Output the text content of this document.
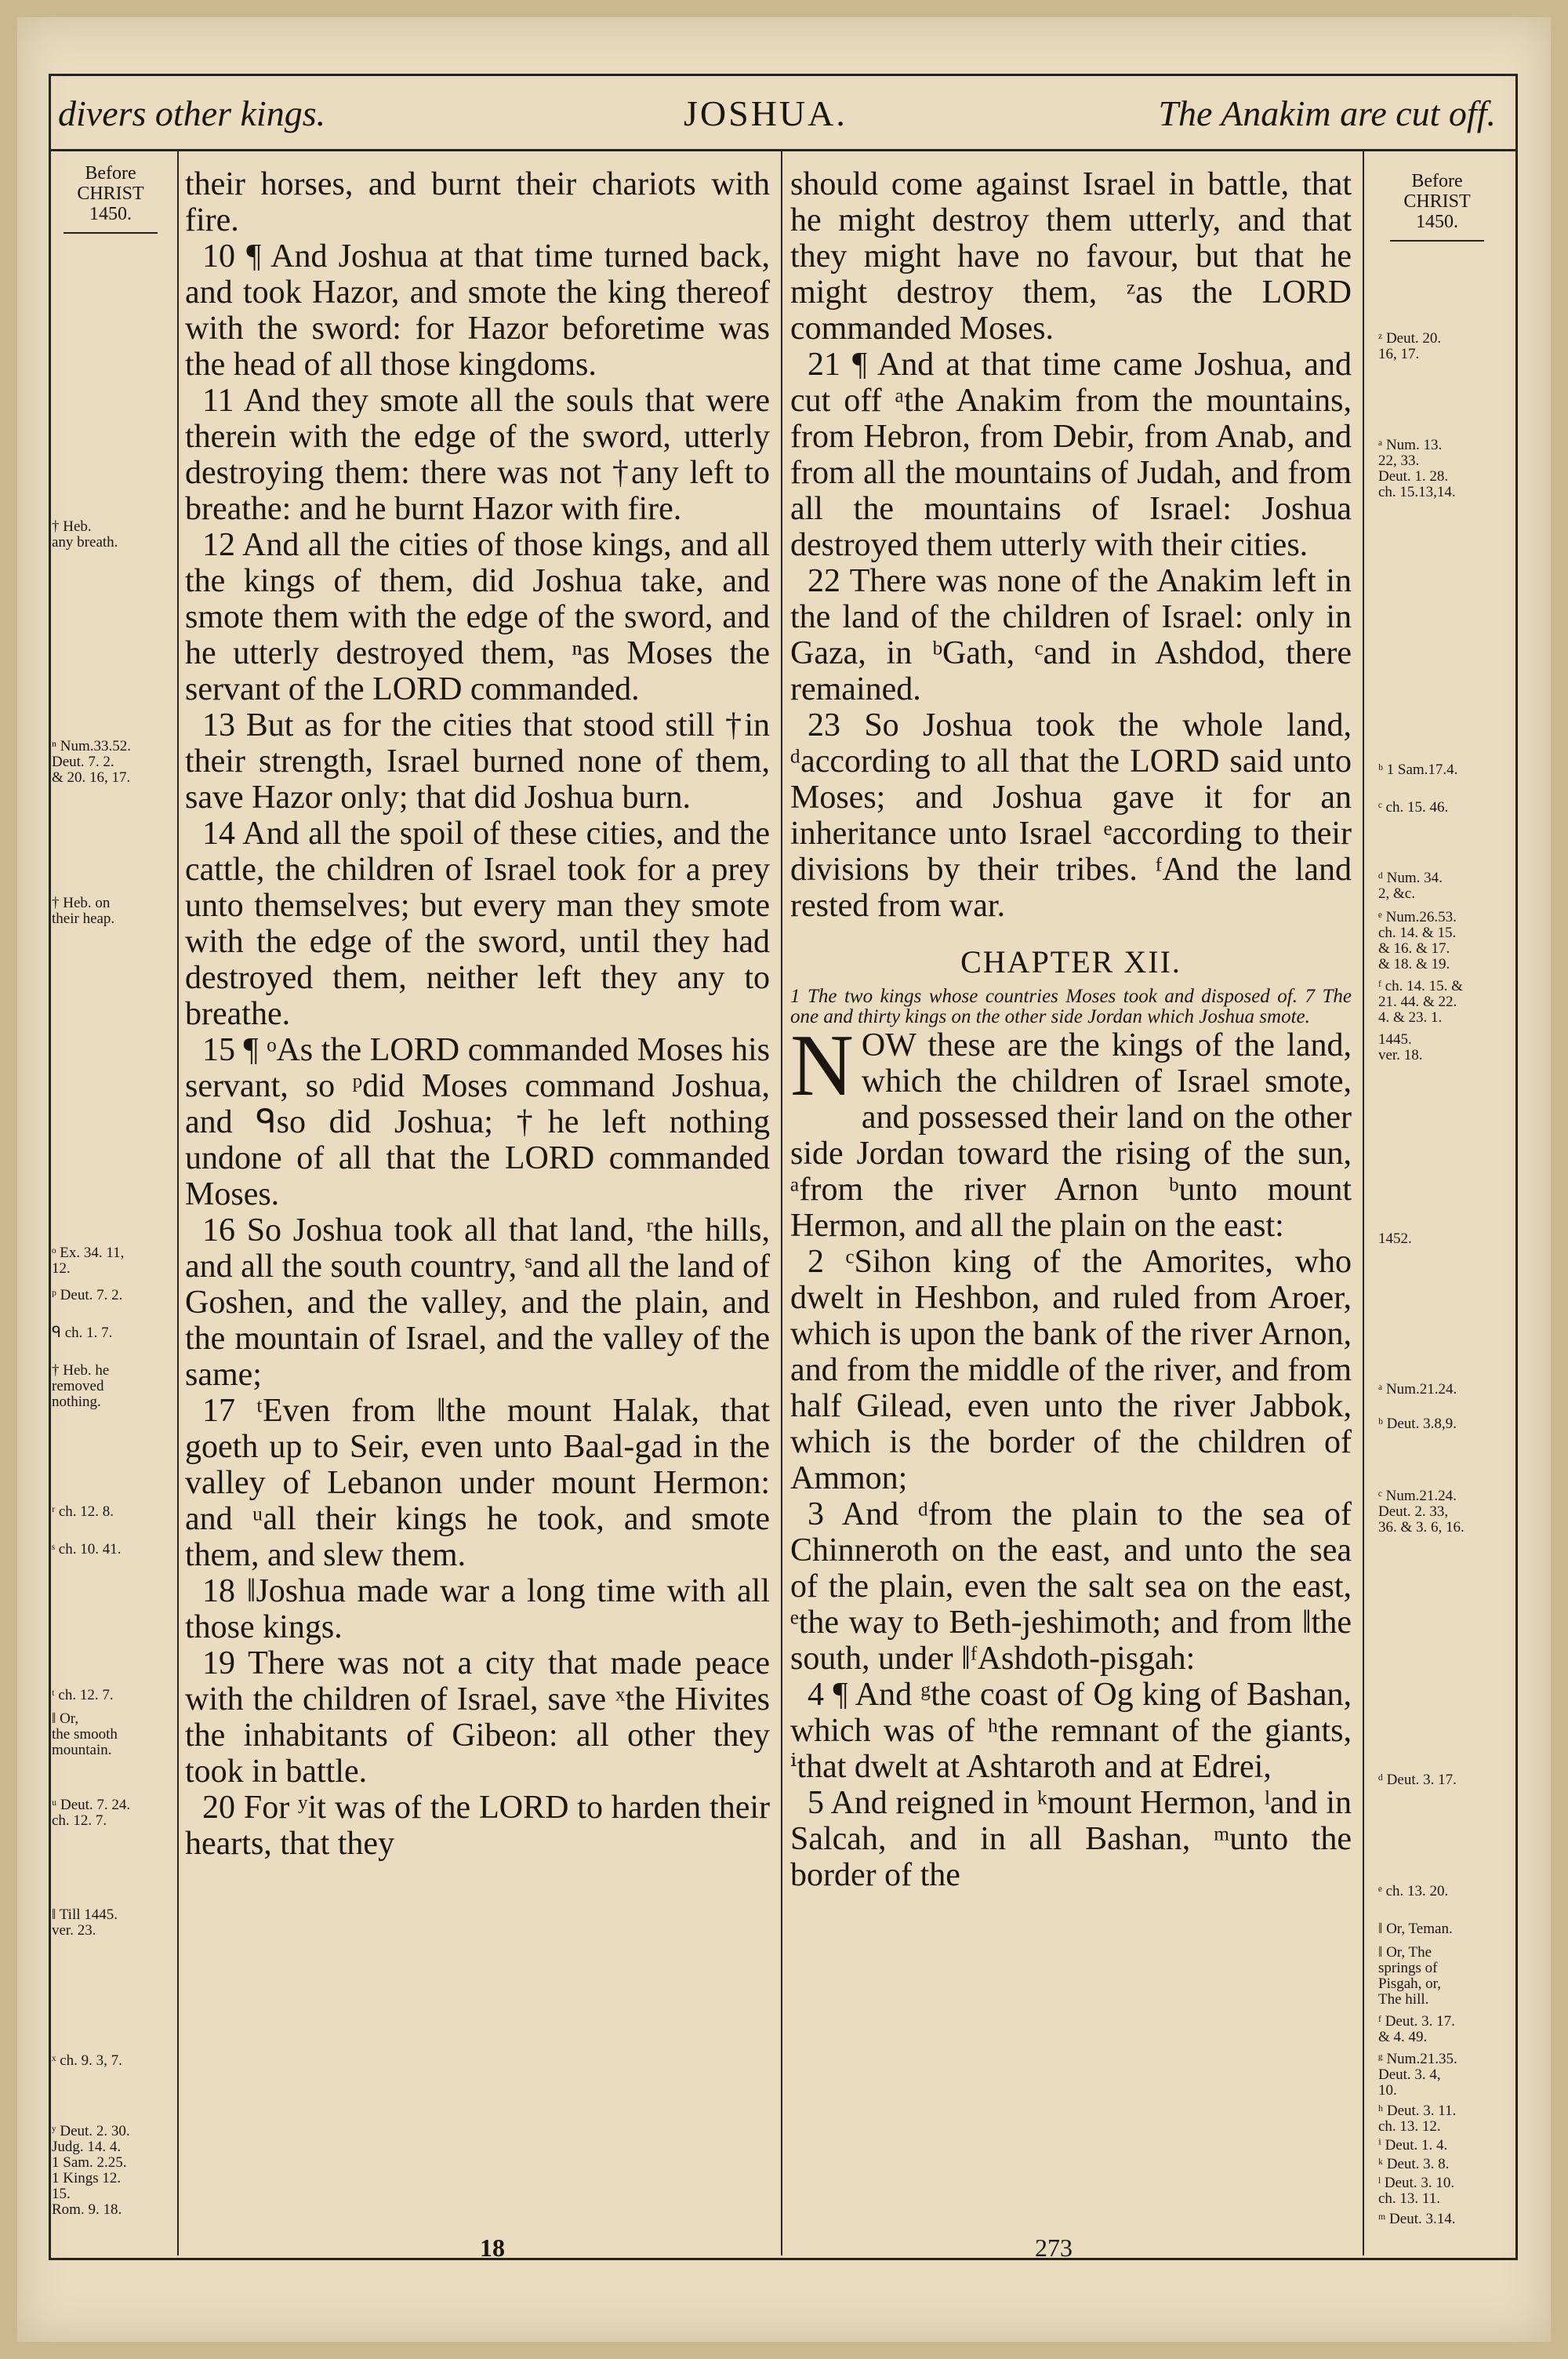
divers other kings.	JOSHUA.	The Anakim are cut off.
Before
CHRIST
1450.
Before
CHRIST
1450.
† Heb.
any breath.
ⁿ Num.33.52.
Deut. 7. 2.
& 20. 16, 17.
† Heb. on
their heap.
ᵒ Ex. 34. 11,
12.
ᵖ Deut. 7. 2.
ᑫ ch. 1. 7.
† Heb. he
removed
nothing.
ʳ ch. 12. 8.
ˢ ch. 10. 41.
ᵗ ch. 12. 7.
‖ Or,
the smooth
mountain.
ᵘ Deut. 7. 24.
ch. 12. 7.
‖ Till 1445.
ver. 23.
ˣ ch. 9. 3, 7.
ʸ Deut. 2. 30.
Judg. 14. 4.
1 Sam. 2.25.
1 Kings 12.
15.
Rom. 9. 18.

their horses, and burnt their chariots with fire.

10 ¶ And Joshua at that time turned back, and took Hazor, and smote the king thereof with the sword: for Hazor beforetime was the head of all those kingdoms.

11 And they smote all the souls that were therein with the edge of the sword, utterly destroying them: there was not †any left to breathe: and he burnt Hazor with fire.

12 And all the cities of those kings, and all the kings of them, did Joshua take, and smote them with the edge of the sword, and he utterly destroyed them, ⁿas Moses the servant of the LORD commanded.

13 But as for the cities that stood still †in their strength, Israel burned none of them, save Hazor only; that did Joshua burn.

14 And all the spoil of these cities, and the cattle, the children of Israel took for a prey unto themselves; but every man they smote with the edge of the sword, until they had destroyed them, neither left they any to breathe.

15 ¶ ᵒAs the LORD commanded Moses his servant, so ᵖdid Moses command Joshua, and ᑫso did Joshua; †he left nothing undone of all that the LORD commanded Moses.

16 So Joshua took all that land, ʳthe hills, and all the south country, ˢand all the land of Goshen, and the valley, and the plain, and the mountain of Israel, and the valley of the same;

17 ᵗEven from ‖the mount Halak, that goeth up to Seir, even unto Baal-gad in the valley of Lebanon under mount Hermon: and ᵘall their kings he took, and smote them, and slew them.

18 ‖Joshua made war a long time with all those kings.

19 There was not a city that made peace with the children of Israel, save ˣthe Hivites the inhabitants of Gibeon: all other they took in battle.

20 For ʸit was of the LORD to harden their hearts, that they

should come against Israel in battle, that he might destroy them utterly, and that they might have no favour, but that he might destroy them, ᶻas the LORD commanded Moses.

21 ¶ And at that time came Joshua, and cut off ᵃthe Anakim from the mountains, from Hebron, from Debir, from Anab, and from all the mountains of Judah, and from all the mountains of Israel: Joshua destroyed them utterly with their cities.

22 There was none of the Anakim left in the land of the children of Israel: only in Gaza, in ᵇGath, ᶜand in Ashdod, there remained.

23 So Joshua took the whole land, ᵈaccording to all that the LORD said unto Moses; and Joshua gave it for an inheritance unto Israel ᵉaccording to their divisions by their tribes. ᶠAnd the land rested from war.

CHAPTER XII.

1 The two kings whose countries Moses took and disposed of. 7 The one and thirty kings on the other side Jordan which Joshua smote.

NOW these are the kings of the land, which the children of Israel smote, and possessed their land on the other side Jordan toward the rising of the sun, ᵃfrom the river Arnon ᵇunto mount Hermon, and all the plain on the east:

2 ᶜSihon king of the Amorites, who dwelt in Heshbon, and ruled from Aroer, which is upon the bank of the river Arnon, and from the middle of the river, and from half Gilead, even unto the river Jabbok, which is the border of the children of Ammon;

3 And ᵈfrom the plain to the sea of Chinneroth on the east, and unto the sea of the plain, even the salt sea on the east, ᵉthe way to Beth-jeshimoth; and from ‖the south, under ‖ᶠAshdoth-pisgah:

4 ¶ And ᵍthe coast of Og king of Bashan, which was of ʰthe remnant of the giants, ⁱthat dwelt at Ashtaroth and at Edrei,

5 And reigned in ᵏmount Hermon, ˡand in Salcah, and in all Bashan, ᵐunto the border of the

ᶻ Deut. 20.
16, 17.
ᵃ Num. 13.
22, 33.
Deut. 1. 28.
ch. 15.13,14.
ᵇ 1 Sam.17.4.
ᶜ ch. 15. 46.
ᵈ Num. 34.
2, &c.
ᵉ Num.26.53.
ch. 14. & 15.
& 16. & 17.
& 18. & 19.
ᶠ ch. 14. 15. &
21. 44. & 22.
4. & 23. 1.
1445.
ver. 18.
1452.
ᵃ Num.21.24.
ᵇ Deut. 3.8,9.
ᶜ Num.21.24.
Deut. 2. 33,
36. & 3. 6, 16.
ᵈ Deut. 3. 17.
ᵉ ch. 13. 20.
‖ Or, Teman.
‖ Or, The
springs of
Pisgah, or,
The hill.
ᶠ Deut. 3. 17.
& 4. 49.
ᵍ Num.21.35.
Deut. 3. 4,
10.
ʰ Deut. 3. 11.
ch. 13. 12.
ⁱ Deut. 1. 4.
ᵏ Deut. 3. 8.
ˡ Deut. 3. 10.
ch. 13. 11.
ᵐ Deut. 3.14.
18	273
